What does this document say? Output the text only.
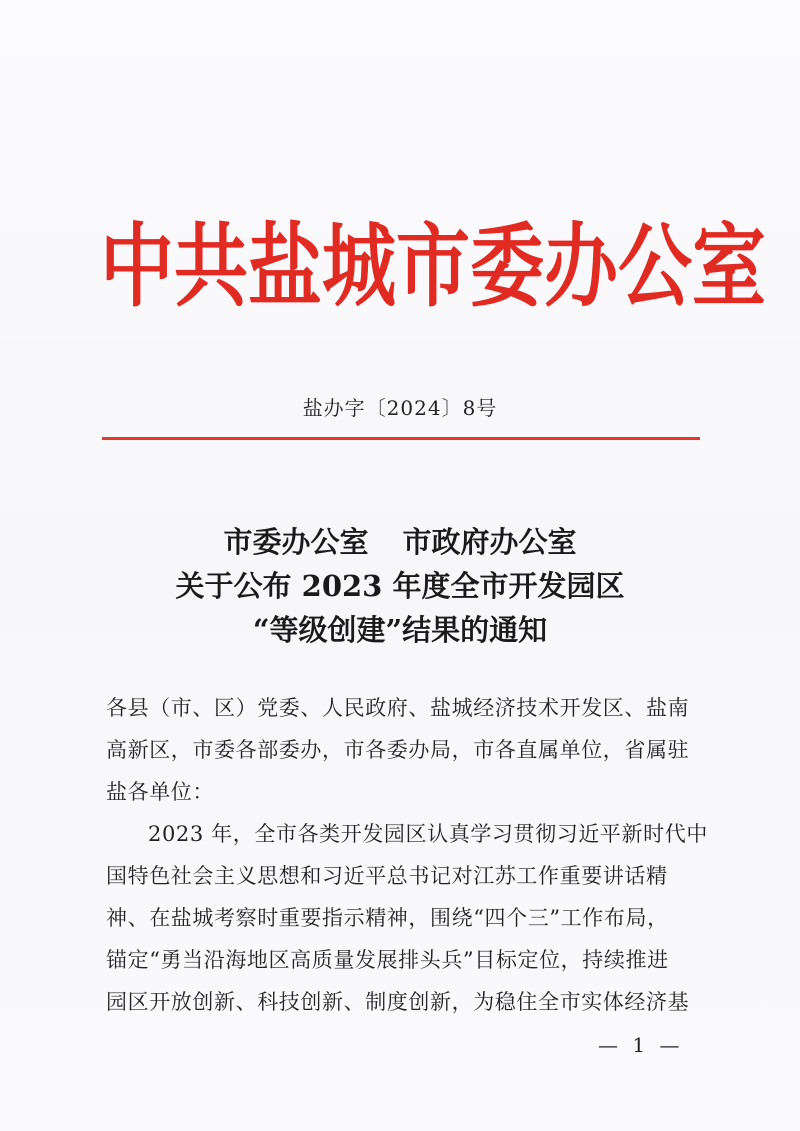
中共盐城市委办公室
盐办字〔2024〕8号
市委办公室 市政府办公室
关于公布 2023 年度全市开发园区
“等级创建”结果的通知
各县（市、区）党委、人民政府、盐城经济技术开发区、盐南
高新区，市委各部委办，市各委办局，市各直属单位，省属驻
盐各单位：
2023 年，全市各类开发园区认真学习贯彻习近平新时代中
国特色社会主义思想和习近平总书记对江苏工作重要讲话精
神、在盐城考察时重要指示精神，围绕“四个三”工作布局，
锚定“勇当沿海地区高质量发展排头兵”目标定位，持续推进
园区开放创新、科技创新、制度创新，为稳住全市实体经济基
— 1 —
